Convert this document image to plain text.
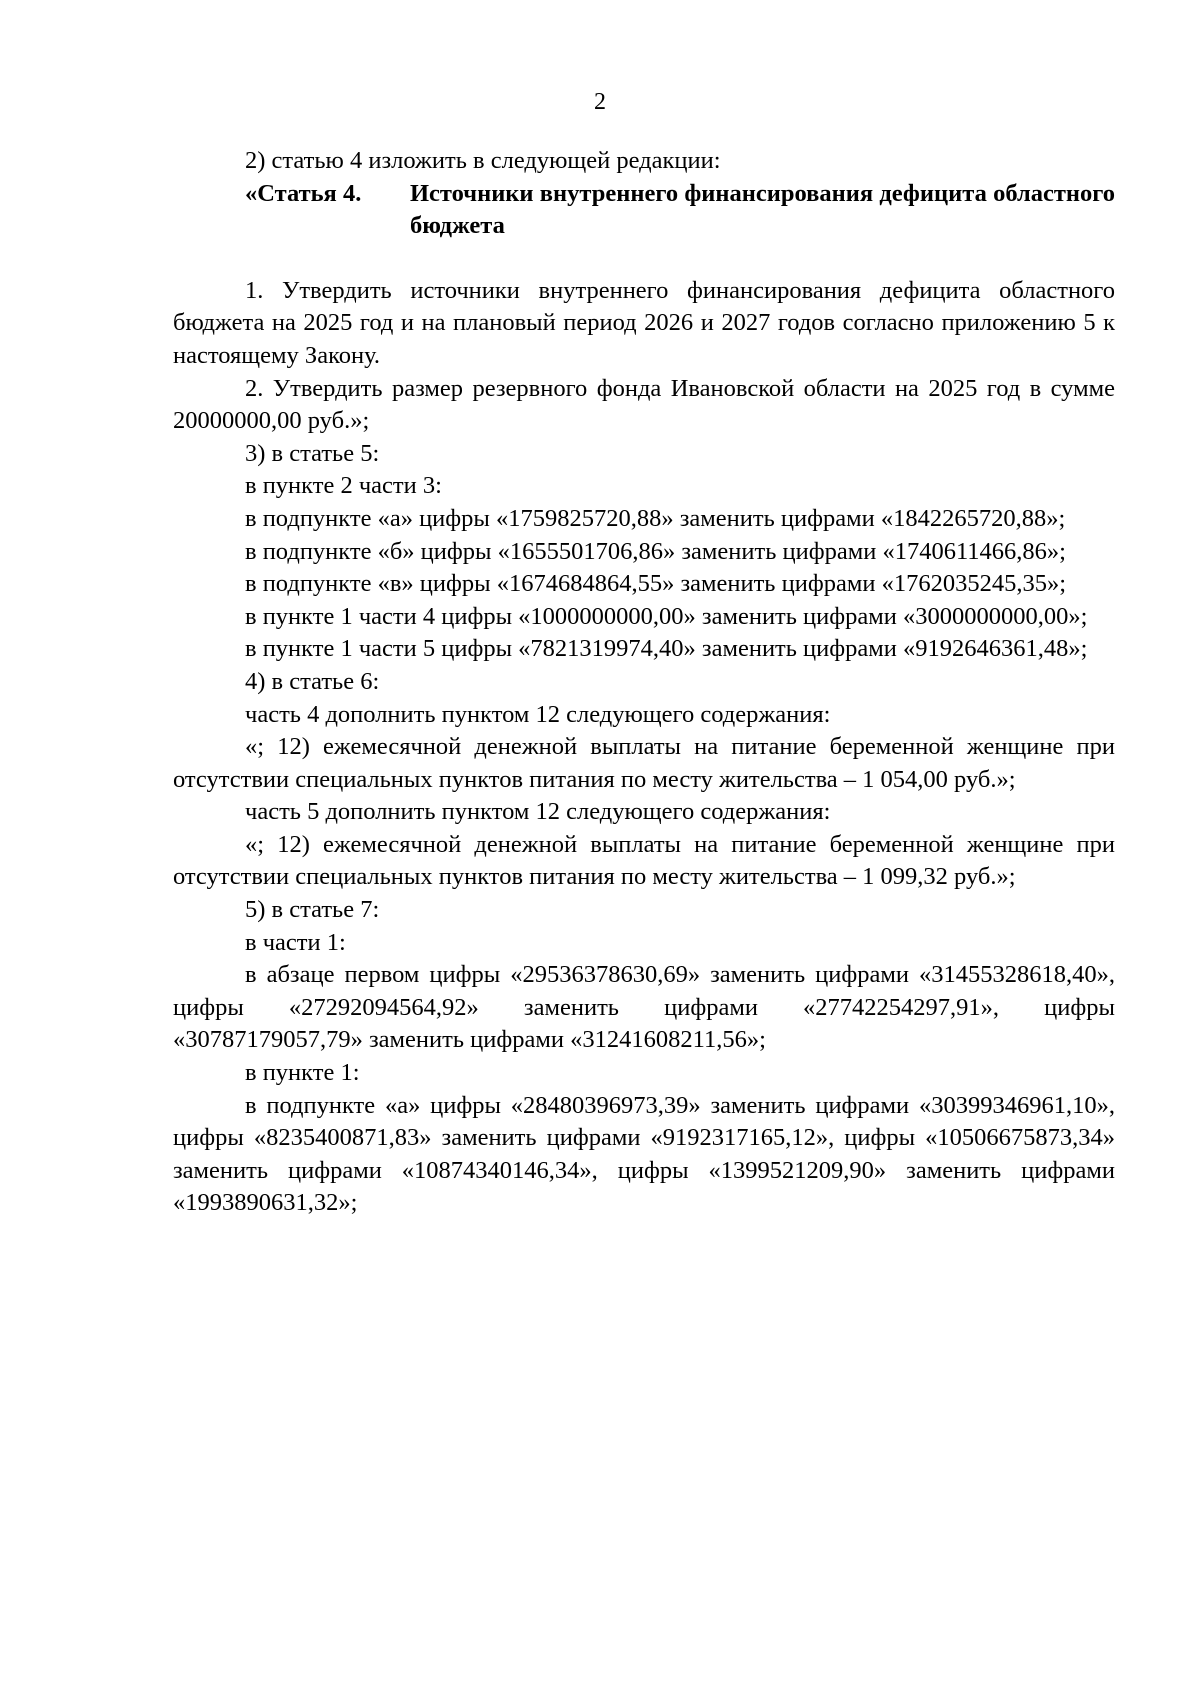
2

2) статью 4 изложить в следующей редакции:

«Статья 4.	Источники внутреннего финансирования дефицита областного бюджета

1. Утвердить источники внутреннего финансирования дефицита областного бюджета на 2025 год и на плановый период 2026 и 2027 годов согласно приложению 5 к настоящему Закону.

2. Утвердить размер резервного фонда Ивановской области на 2025 год в сумме 20000000,00 руб.»;

3) в статье 5:

в пункте 2 части 3:

в подпункте «а» цифры «1759825720,88» заменить цифрами «1842265720,88»;

в подпункте «б» цифры «1655501706,86» заменить цифрами «1740611466,86»;

в подпункте «в» цифры «1674684864,55» заменить цифрами «1762035245,35»;

в пункте 1 части 4 цифры «1000000000,00» заменить цифрами «3000000000,00»;

в пункте 1 части 5 цифры «7821319974,40» заменить цифрами «9192646361,48»;

4) в статье 6:

часть 4 дополнить пунктом 12 следующего содержания:

«; 12) ежемесячной денежной выплаты на питание беременной женщине при отсутствии специальных пунктов питания по месту жительства – 1 054,00 руб.»;

часть 5 дополнить пунктом 12 следующего содержания:

«; 12) ежемесячной денежной выплаты на питание беременной женщине при отсутствии специальных пунктов питания по месту жительства – 1 099,32 руб.»;

5) в статье 7:

в части 1:

в абзаце первом цифры «29536378630,69» заменить цифрами «31455328618,40», цифры «27292094564,92» заменить цифрами «27742254297,91», цифры «30787179057,79» заменить цифрами «31241608211,56»;

в пункте 1:

в подпункте «а» цифры «28480396973,39» заменить цифрами «30399346961,10», цифры «8235400871,83» заменить цифрами «9192317165,12», цифры «10506675873,34» заменить цифрами «10874340146,34», цифры «1399521209,90» заменить цифрами «1993890631,32»;
